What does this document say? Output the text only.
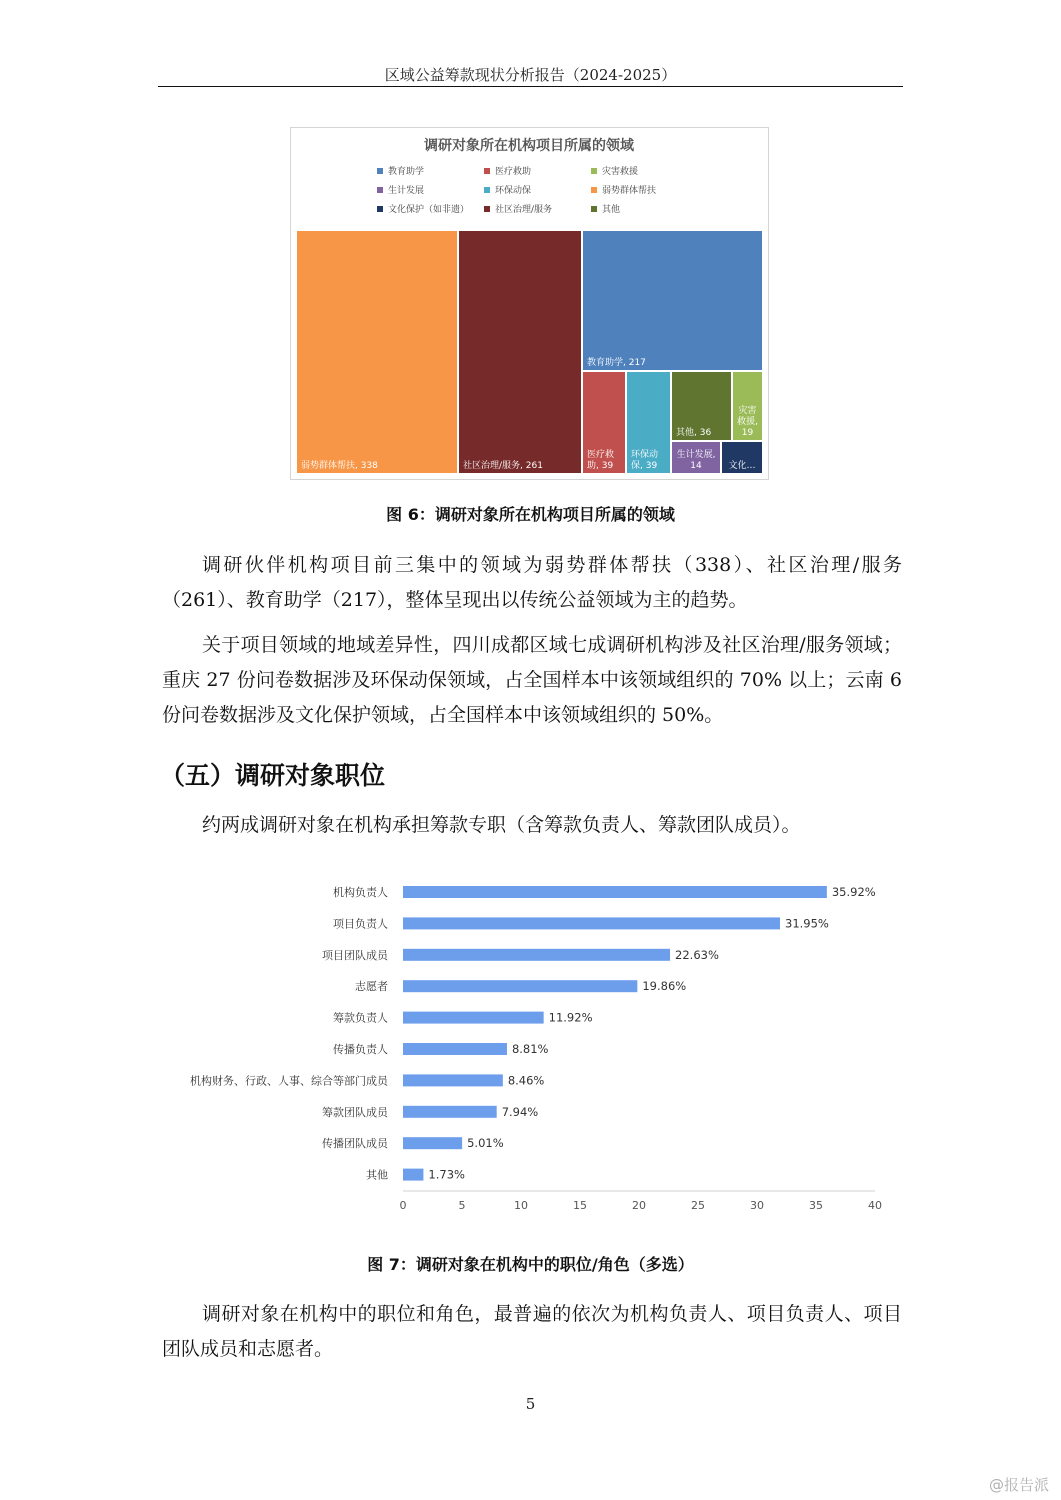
区域公益筹款现状分析报告（2024-2025）
调研对象所在机构项目所属的领域
教育助学	医疗救助	灾害救援
生计发展	环保动保	弱势群体帮扶
文化保护（如非遗）	社区治理/服务	其他
弱势群体帮扶, 338	社区治理/服务, 261
教育助学, 217
医疗救
助, 39
环保动
保, 39
其他, 36
灾害
救援,
19
生计发展,
14	文化…
图 6：调研对象所在机构项目所属的领域

调研伙伴机构项目前三集中的领域为弱势群体帮扶（338）、社区治理/服务（261）、教育助学（217），整体呈现出以传统公益领域为主的趋势。

关于项目领域的地域差异性，四川成都区域七成调研机构涉及社区治理/服务领域；重庆 27 份问卷数据涉及环保动保领域，占全国样本中该领域组织的 70% 以上；云南 6 份问卷数据涉及文化保护领域，占全国样本中该领域组织的 50%。

（五）调研对象职位

约两成调研对象在机构承担筹款专职（含筹款负责人、筹款团队成员）。

机构负责人	35.92%
项目负责人	31.95%
项目团队成员	22.63%
志愿者	19.86%
筹款负责人	11.92%
传播负责人	8.81%
机构财务、行政、人事、综合等部门成员	8.46%
筹款团队成员	7.94%
传播团队成员	5.01%
其他	1.73%
0	5	10	15	20	25	30	35	40
图 7：调研对象在机构中的职位/角色（多选）

调研对象在机构中的职位和角色，最普遍的依次为机构负责人、项目负责人、项目团队成员和志愿者。

5
@报告派
